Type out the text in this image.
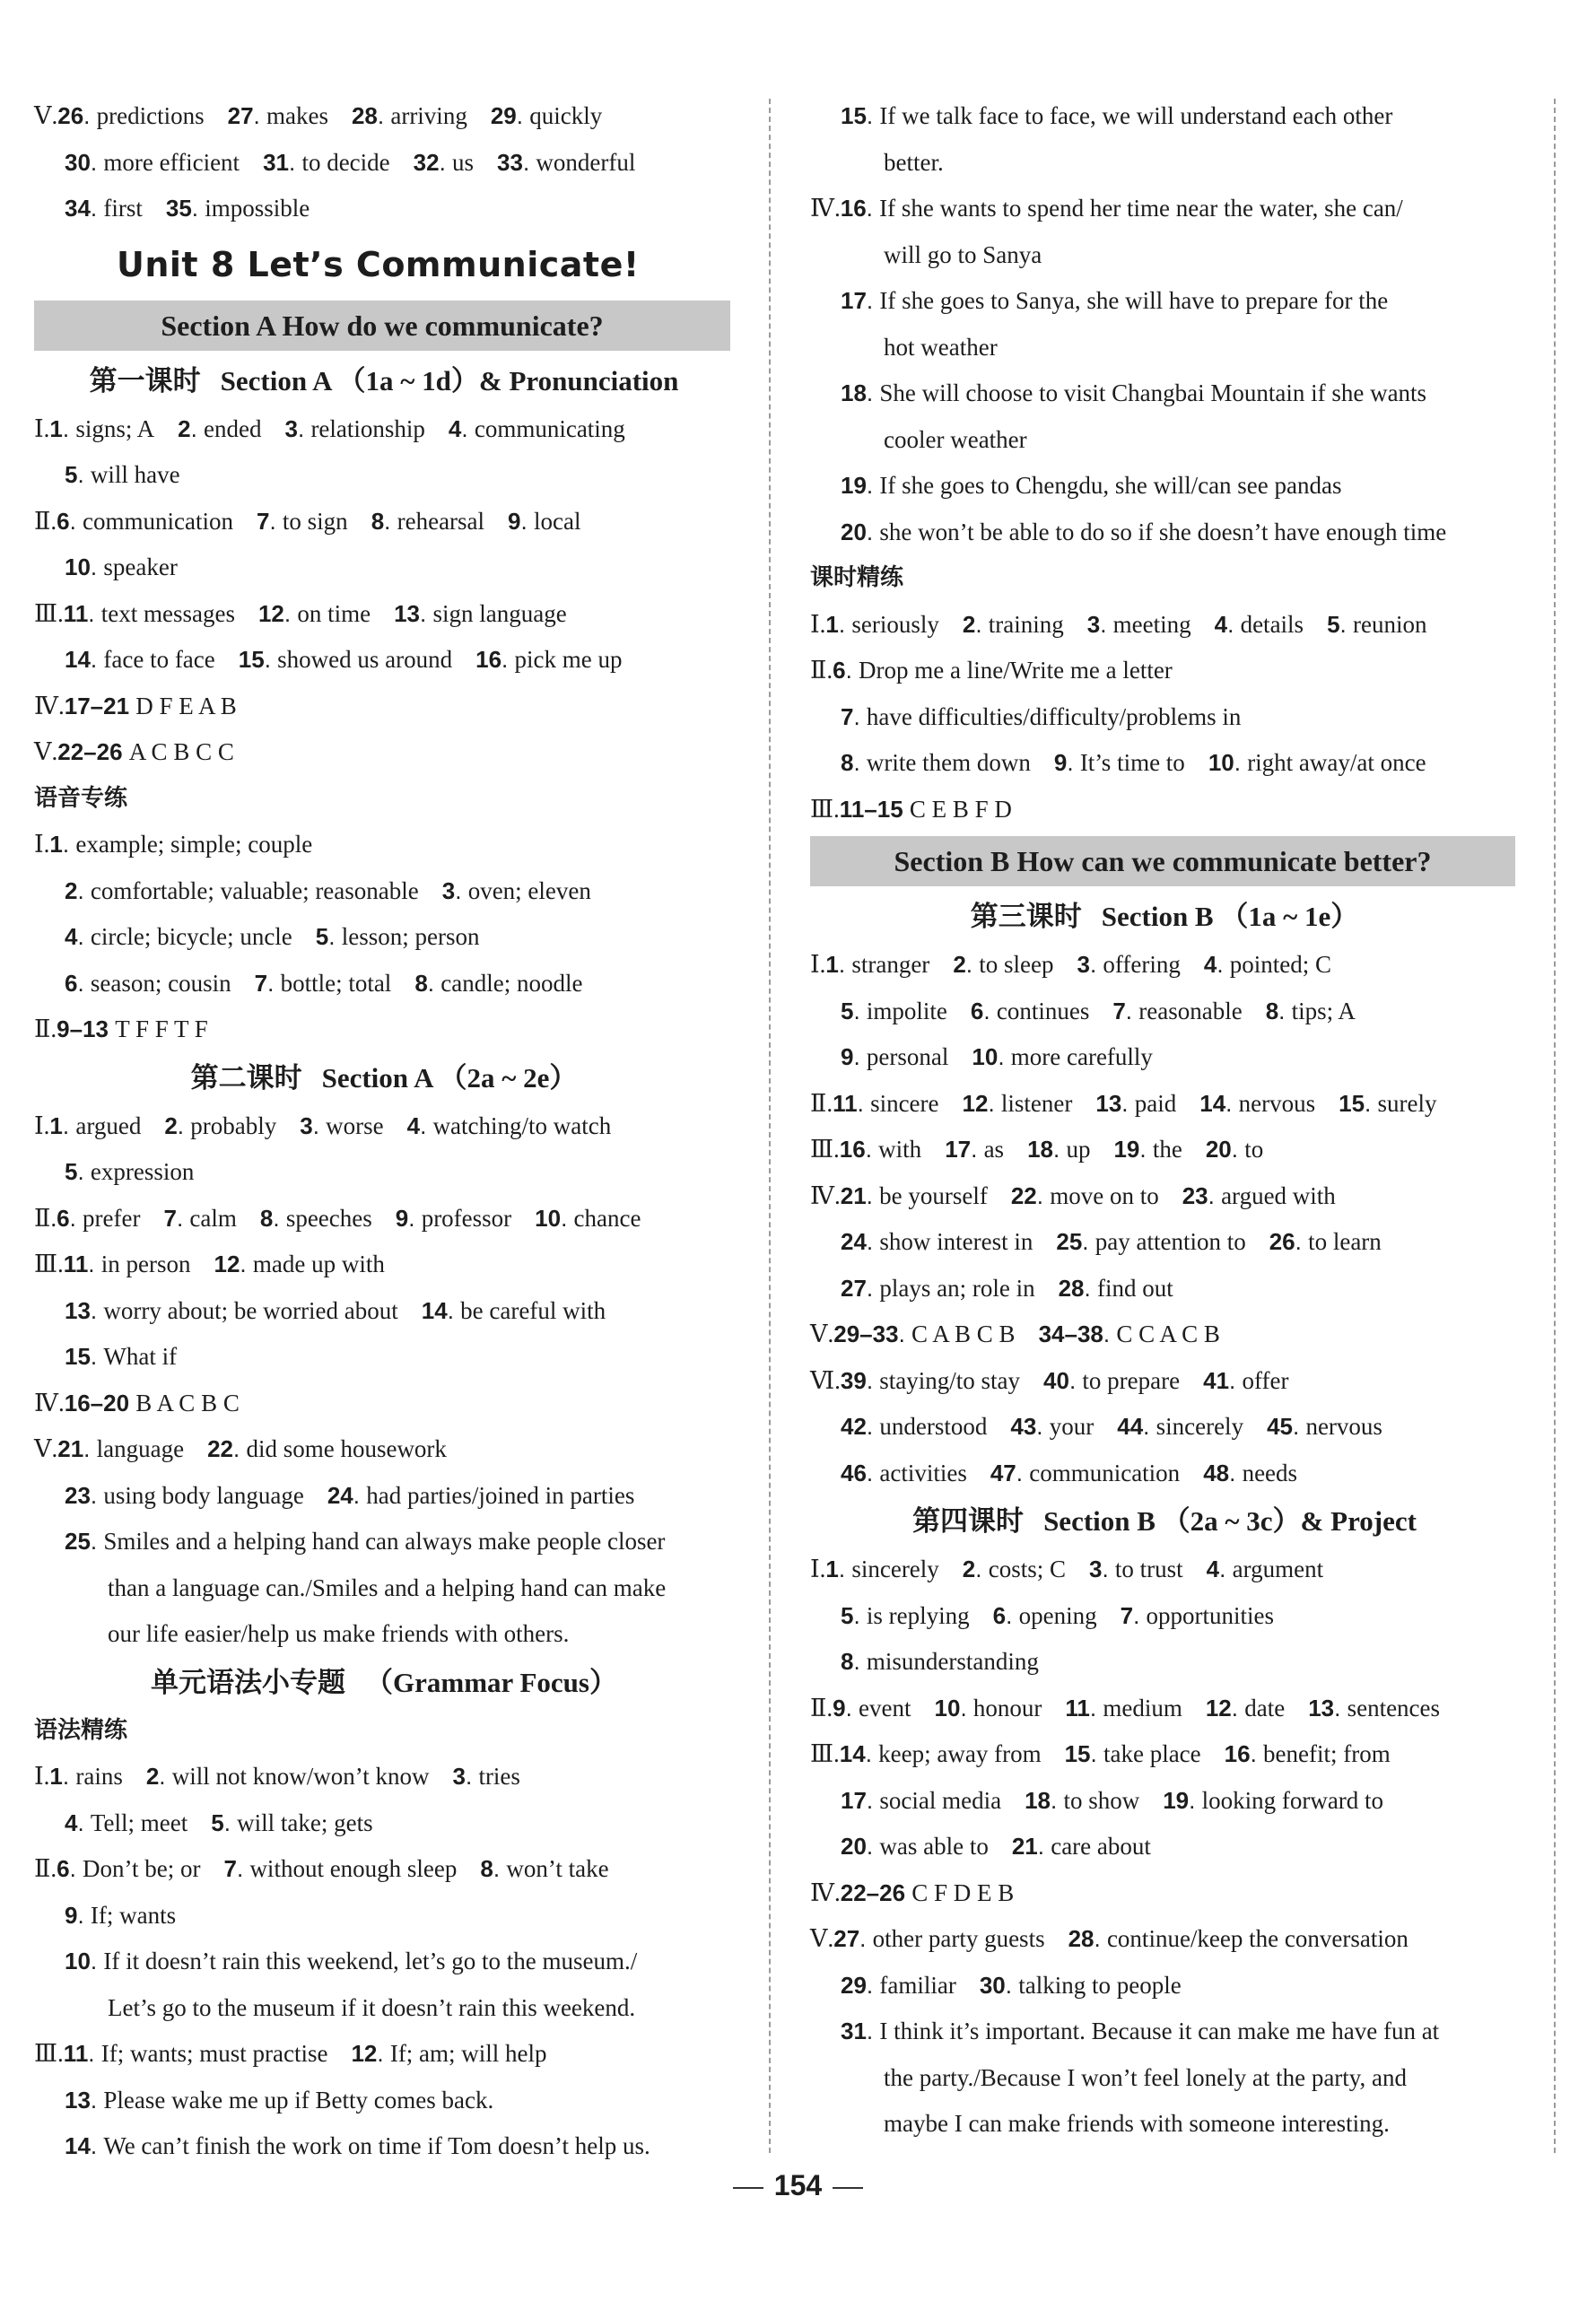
Ⅴ.26 . predictions 27 . makes 28 . arriving 29 . quickly
30 . more efficient 31 . to decide 32 . us 33 . wonderful
34 . first 35 . impossible
Unit 8 Let’s Communicate!
Section A How do we communicate?
第一课时 Section A （1a ~ 1d）& Pronunciation
Ⅰ.1 . signs; A 2 . ended 3 . relationship 4 . communicating
5 . will have
Ⅱ.6 . communication 7 . to sign 8 . rehearsal 9 . local
10 . speaker
Ⅲ.11 . text messages 12 . on time 13 . sign language
14 . face to face 15 . showed us around 16 . pick me up
Ⅳ.17–21 D F E A B
Ⅴ.22–26 A C B C C
语音专练
Ⅰ.1 . example; simple; couple
2 . comfortable; valuable; reasonable 3 . oven; eleven
4 . circle; bicycle; uncle 5 . lesson; person
6 . season; cousin 7 . bottle; total 8 . candle; noodle
Ⅱ.9–13 T F F T F
第二课时 Section A （2a ~ 2e）
Ⅰ.1 . argued 2 . probably 3 . worse 4 . watching/to watch
5 . expression
Ⅱ.6 . prefer 7 . calm 8 . speeches 9 . professor 10 . chance
Ⅲ.11 . in person 12 . made up with
13 . worry about; be worried about 14 . be careful with
15 . What if
Ⅳ.16–20 B A C B C
Ⅴ.21 . language 22 . did some housework
23 . using body language 24 . had parties/joined in parties
25 . Smiles and a helping hand can always make people closer
than a language can./Smiles and a helping hand can make
our life easier/help us make friends with others.
单元语法小专题 （Grammar Focus）
语法精练
Ⅰ.1 . rains 2 . will not know/won’t know 3 . tries
4 . Tell; meet 5 . will take; gets
Ⅱ.6 . Don’t be; or 7 . without enough sleep 8 . won’t take
9 . If; wants
10 . If it doesn’t rain this weekend, let’s go to the museum./
Let’s go to the museum if it doesn’t rain this weekend.
Ⅲ.11 . If; wants; must practise 12 . If; am; will help
13 . Please wake me up if Betty comes back.
14 . We can’t finish the work on time if Tom doesn’t help us.
15 . If we talk face to face, we will understand each other
better.
Ⅳ.16 . If she wants to spend her time near the water, she can/
will go to Sanya
17 . If she goes to Sanya, she will have to prepare for the
hot weather
18 . She will choose to visit Changbai Mountain if she wants
cooler weather
19 . If she goes to Chengdu, she will/can see pandas
20 . she won’t be able to do so if she doesn’t have enough time
课时精练
Ⅰ.1 . seriously 2 . training 3 . meeting 4 . details 5 . reunion
Ⅱ.6 . Drop me a line/Write me a letter
7 . have difficulties/difficulty/problems in
8 . write them down 9 . It’s time to 10 . right away/at once
Ⅲ.11–15 C E B F D
Section B How can we communicate better?
第三课时 Section B （1a ~ 1e）
Ⅰ.1 . stranger 2 . to sleep 3 . offering 4 . pointed; C
5 . impolite 6 . continues 7 . reasonable 8 . tips; A
9 . personal 10 . more carefully
Ⅱ.11 . sincere 12 . listener 13 . paid 14 . nervous 15 . surely
Ⅲ.16 . with 17 . as 18 . up 19 . the 20 . to
Ⅳ.21 . be yourself 22 . move on to 23 . argued with
24 . show interest in 25 . pay attention to 26 . to learn
27 . plays an; role in 28 . find out
Ⅴ.29–33 . C A B C B 34–38 . C C A C B
Ⅵ.39 . staying/to stay 40 . to prepare 41 . offer
42 . understood 43 . your 44 . sincerely 45 . nervous
46 . activities 47 . communication 48 . needs
第四课时 Section B （2a ~ 3c）& Project
Ⅰ.1 . sincerely 2 . costs; C 3 . to trust 4 . argument
5 . is replying 6 . opening 7 . opportunities
8 . misunderstanding
Ⅱ.9 . event 10 . honour 11 . medium 12 . date 13 . sentences
Ⅲ.14 . keep; away from 15 . take place 16 . benefit; from
17 . social media 18 . to show 19 . looking forward to
20 . was able to 21 . care about
Ⅳ.22–26 C F D E B
Ⅴ.27 . other party guests 28 . continue/keep the conversation
29 . familiar 30 . talking to people
31 . I think it’s important. Because it can make me have fun at
the party./Because I won’t feel lonely at the party, and
maybe I can make friends with someone interesting.
154
